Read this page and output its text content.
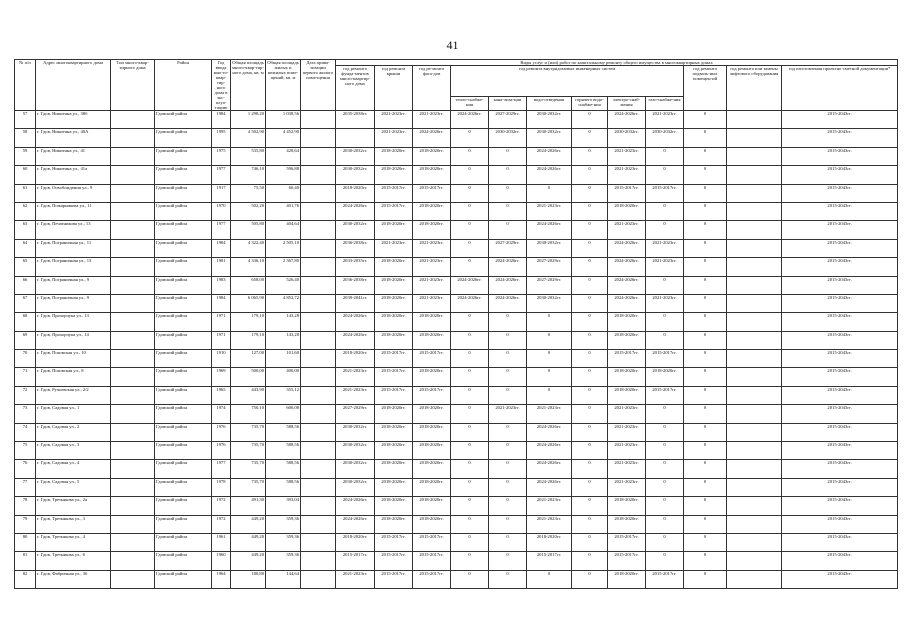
41
№ п/п	Адрес многоквартирного дома	Тип много-квар-тирного дома	Район	Год ввода мно-го-квар-тир-ного дома в экс-плуа-тацию	Общая площадь много-квар-тир-ного дома, кв. м	Общая площадь жилых и нежилых поме-щений, кв. м	Дата прива-тизации первого жилого поме-щения	Виды услуг и (или) работ по капитальному ремонту общего имущества в многоквартирных домах											
								год ремонта фунда-ментов много-квартир-ного дома	год ремонта крыши	год ре-монта фаса-дов	год ремонта внутридомовых инженерных систем						год ремонта подваль-ных помещен-ий	год ремонта или замены лифтового оборудования	год изготовления проектно-сметной документации*
											тепло-снабже-ния	кана-лиза-ции	водо-отведения	горячего водо-снабже-ния	электро-снаб-жения	газо-снабже-ния			
57	г. Гдов, Никитина ул., 38б		Гдовский район	1984	1 298,20	1 038,56		2035-2038гг.	2021-2023гг.	2021-2023гг.	2024-2026гг.	2027-2029гг.	2030-2032гг.	0	2024-2026гг.	2021-2023гг.	0		2015-2043гг.
58	г. Гдов, Никитина ул., 40А		Гдовский район	1995	4 502,90	4 452,90			2021-2023гг.	2024-2026гг.	0	2030-2032гг.	2030-2032гг.	0	2030-2032гг.	2030-2032гг.	0		2015-2043гг.
59	г. Гдов, Никитина ул., 41		Гдовский район	1975	535,80	428,64		2030-2032гг.	2018-2020гг.	2018-2020гг.	0	0	2024-2026гг.	0	2021-2023гг.	0	0		2015-2043гг.
60	г. Гдов, Никитина ул., 41а		Гдовский район	1977	746,10	596,88		2030-2032гг.	2018-2020гг.	2018-2020гг.	0	0	2024-2026гг.	0	2021-2023гг.	0	0		2015-2043гг.
61	г. Гдов, Освобождения ул., 9		Гдовский район	1917	75,50	60,40		2018-2020гг.	2015-2017гг.	2015-2017гг.	0	0	0	0	2015-2017гг.	2015-2017гг.	0		2015-2043гг.
62	г. Гдов, Пожарникова ул., 11		Гдовский район	1970	502,20	401,76		2024-2026гг.	2015-2017гг.	2018-2020гг.	0	0	2021-2023гг.	0	2018-2020гг.	0	0		2015-2043гг.
63	г. Гдов, Печатникова ул., 13		Гдовский район	1977	505,80	404,64		2030-2032гг.	2018-2020гг.	2018-2020гг.	0	0	2024-2026гг.	0	2021-2023гг.	0	0		2015-2043гг.
64	г. Гдов, Пограничная ул., 11		Гдовский район	1984	4 322,40	2 505,10		2036-2038гг.	2021-2023гг.	2021-2023гг.	0	2027-2029гг.	2030-2032гг.	0	2024-2026гг.	2021-2023гг.	0		2015-2043гг.
65	г. Гдов, Пограничная ул., 13		Гдовский район	1981	4 336,10	2 367,80		2033-2035гг.	2018-2020гг.	2021-2023гг.	0	2024-2026гг.	2027-2029гг.	0	2024-2026гг.	2021-2023гг.	0		2015-2043гг.
66	г. Гдов, Пограничная ул., 9		Гдовский район	1983	658,00	526,40		2036-2038гг.	2018-2020гг.	2021-2023гг.	2024-2026гг.	2024-2026гг.	2027-2029гг.	0	2024-2026гг.	0	0		2015-2043гг.
67	г. Гдов, Пограничная ул., 9		Гдовский район	1984	6 065,90	4 852,72		2039-2041гг.	2018-2020гг.	2021-2023гг.	2024-2026гг.	2024-2026гг.	2030-2032гг.	0	2024-2026гг.	2021-2023гг.	0		2015-2043гг.
68	г. Гдов, Прохорчука ул., 13		Гдовский район	1971	179,10	143,28		2024-2026гг.	2018-2020гг.	2018-2020гг.	0	0	0	0	2018-2020гг.	0	0		2015-2043гг.
69	г. Гдов, Прохорчука ул., 14		Гдовский район	1971	179,10	143,28		2024-2026гг.	2018-2020гг.	2018-2020гг.	0	0	0	0	2018-2020гг.	0	0		2015-2043гг.
70	г. Гдов, Псковская ул., 10		Гдовский район	1910	127,00	101,60		2018-2020гг.	2015-2017гг.	2015-2017гг.	0	0	0	0	2015-2017гг.	2015-2017гг.	0		2015-2043гг.
71	г. Гдов, Псковская ул., 8		Гдовский район	1969	500,00	400,00		2021-2023гг.	2015-2017гг.	2018-2020гг.	0	0	0	0	2018-2020гг.	2018-2020гг.	0		2015-2043гг.
72	г. Гдов, Ручьевская ул., 2/2		Гдовский район	1965	443,90	355,12		2021-2023гг.	2015-2017гг.	2015-2017гг.	0	0	0	0	2018-2020гг.	2015-2017гг.	0		2015-2043гг.
73	г. Гдов, Садовая ул., 1		Гдовский район	1974	750,10	600,08		2027-2029гг.	2018-2020гг.	2018-2020гг.	0	2021-2023гг.	2021-2023гг.	0	2021-2023гг.	0	0		2015-2043гг.
74	г. Гдов, Садовая ул., 2		Гдовский район	1976	735,70	588,56		2030-2032гг.	2018-2020гг.	2018-2020гг.	0	0	2024-2026гг.	0	2021-2023гг.	0	0		2015-2043гг.
75	г. Гдов, Садовая ул., 3		Гдовский район	1976	735,70	588,56		2030-2032гг.	2018-2020гг.	2018-2020гг.	0	0	2024-2026гг.	0	2021-2023гг.	0	0		2015-2043гг.
76	г. Гдов, Садовая ул., 4		Гдовский район	1977	735,70	588,56		2030-2032гг.	2018-2020гг.	2018-2020гг.	0	0	2024-2026гг.	0	2021-2023гг.	0	0		2015-2043гг.
77	г. Гдов, Садовая ул., 5		Гдовский район	1978	735,70	588,56		2030-2032гг.	2018-2020гг.	2018-2020гг.	0	0	2024-2026гг.	0	2021-2023гг.	0	0		2015-2043гг.
78	г. Гдов, Третьякова ул., 2а		Гдовский район	1972	491,30	393,04		2024-2026гг.	2018-2020гг.	2018-2020гг.	0	0	2021-2023гг.	0	2018-2020гг.	0	0		2015-2043гг.
79	г. Гдов, Третьякова ул., 3		Гдовский район	1972	449,20	359,36		2024-2026гг.	2018-2020гг.	2018-2020гг.	0	0	2021-2023гг.	0	2018-2020гг.	0	0		2015-2043гг.
80	г. Гдов, Третьякова ул., 4		Гдовский район	1961	449,20	359,36		2018-2020гг.	2015-2017гг.	2015-2017гг.	0	0	2018-2020гг.	0	2015-2017гг.	0	0		2015-2043гг.
81	г. Гдов, Третьякова ул., 6		Гдовский район	1960	449,20	359,36		2015-2017гг.	2015-2017гг.	2015-2017гг.	0	0	2015-2017гг.	0	2015-2017гг.	0	0		2015-2043гг.
82	г. Гдов, Фабричная ул., 3б		Гдовский район	1964	180,80	144,64		2021-2023гг.	2015-2017гг.	2015-2017гг.	0	0	0	0	2018-2020гг.	2015-2017гг.	0		2015-2043гг.
